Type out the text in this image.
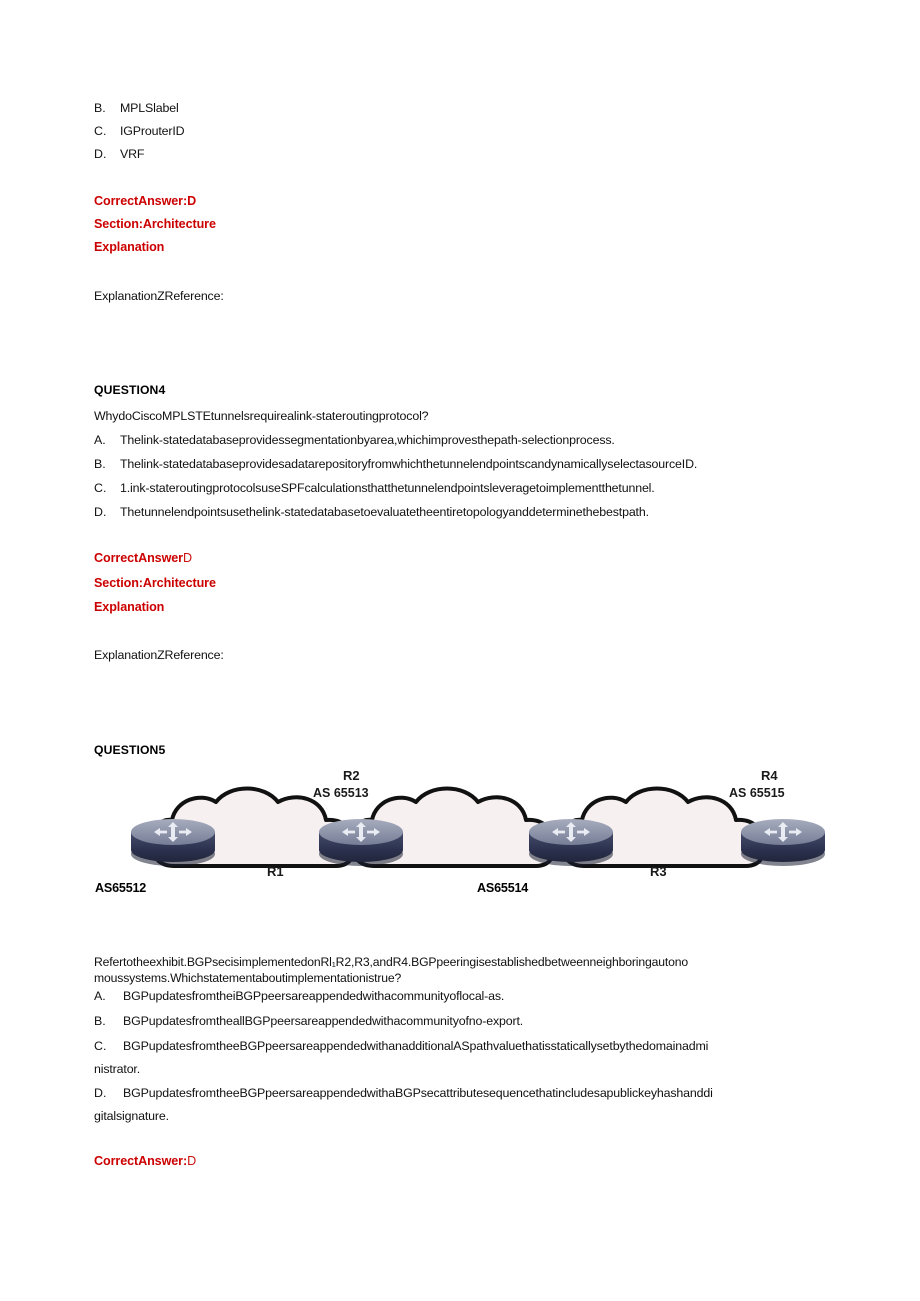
B. MPLSlabel
C. IGProuterID
D. VRF
CorrectAnswer:D
Section:Architecture
Explanation
ExplanationZReference:
QUESTION4
WhydoCiscoMPLSTEtunnelsrequirealink-stateroutingprotocol?
A. Thelink-statedatabaseprovidessegmentationbyarea,whichimprovesthepath-selectionprocess.
B. Thelink-statedatabaseprovidesadatarepositoryfromwhichthetunnelendpointscandynamicallyselectasourceID.
C. 1.ink-stateroutingprotocolsuseSPFcalculationsthatthetunnelendpointsleveragetoimplementthetunnel.
D. Thetunnelendpointsusethelink-statedatabasetoevaluatetheentiretopologyanddeterminethebestpath.
CorrectAnswerD
Section:Architecture
Explanation
ExplanationZReference:
QUESTION5
R2
AS 65513
R4
AS 65515
R1	R3
AS65512	AS65514
Refertotheexhibit.BGPsecisimplementedonRl₁R2,R3,andR4.BGPpeeringisestablishedbetweenneighboringautono
moussystems.Whichstatementaboutimplementationistrue?
A. BGPupdatesfromtheiBGPpeersareappendedwithacommunityoflocal-as.
B. BGPupdatesfromtheallBGPpeersareappendedwithacommunityofno-export.
C. BGPupdatesfromtheeBGPpeersareappendedwithanadditionalASpathvaluethatisstaticallysetbythedomainadmi
nistrator.
D. BGPupdatesfromtheeBGPpeersareappendedwithaBGPsecattributesequencethatincludesapublickeyhashanddi
gitalsignature.
CorrectAnswer:D
